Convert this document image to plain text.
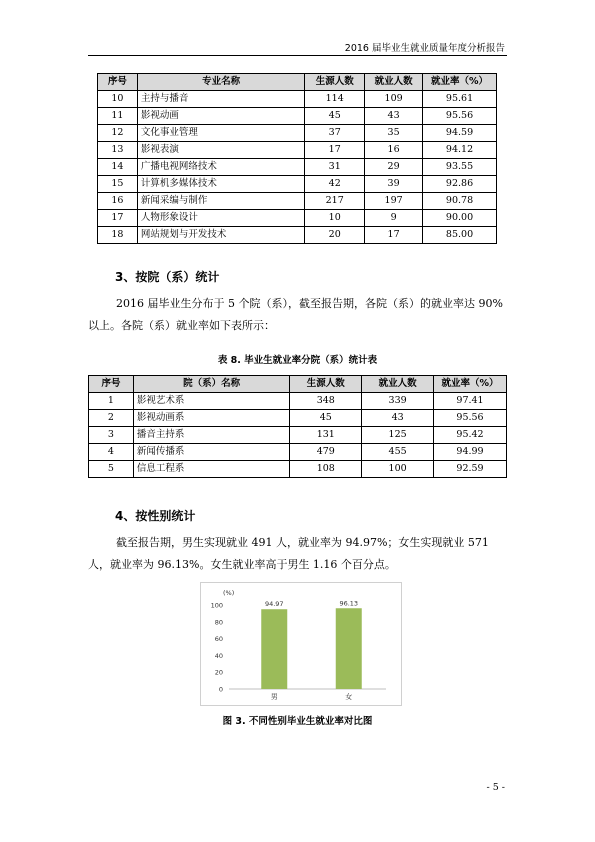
2016 届毕业生就业质量年度分析报告
序号	专业名称	生源人数	就业人数	就业率（%）
10	主持与播音	114	109	95.61
11	影视动画	45	43	95.56
12	文化事业管理	37	35	94.59
13	影视表演	17	16	94.12
14	广播电视网络技术	31	29	93.55
15	计算机多媒体技术	42	39	92.86
16	新闻采编与制作	217	197	90.78
17	人物形象设计	10	9	90.00
18	网站规划与开发技术	20	17	85.00
3、按院（系）统计
2016 届毕业生分布于 5 个院（系），截至报告期，各院（系）的就业率达 90%
以上。各院（系）就业率如下表所示：
表 8. 毕业生就业率分院（系）统计表
序号	院（系）名称	生源人数	就业人数	就业率（%）
1	影视艺术系	348	339	97.41
2	影视动画系	45	43	95.56
3	播音主持系	131	125	95.42
4	新闻传播系	479	455	94.99
5	信息工程系	108	100	92.59
4、按性别统计
截至报告期，男生实现就业 491 人，就业率为 94.97%；女生实现就业 571
人，就业率为 96.13%。女生就业率高于男生 1.16 个百分点。
(%)
0
20
40
60
80
100	94.97
男
96.13
女
图 3. 不同性别毕业生就业率对比图
- 5 -
